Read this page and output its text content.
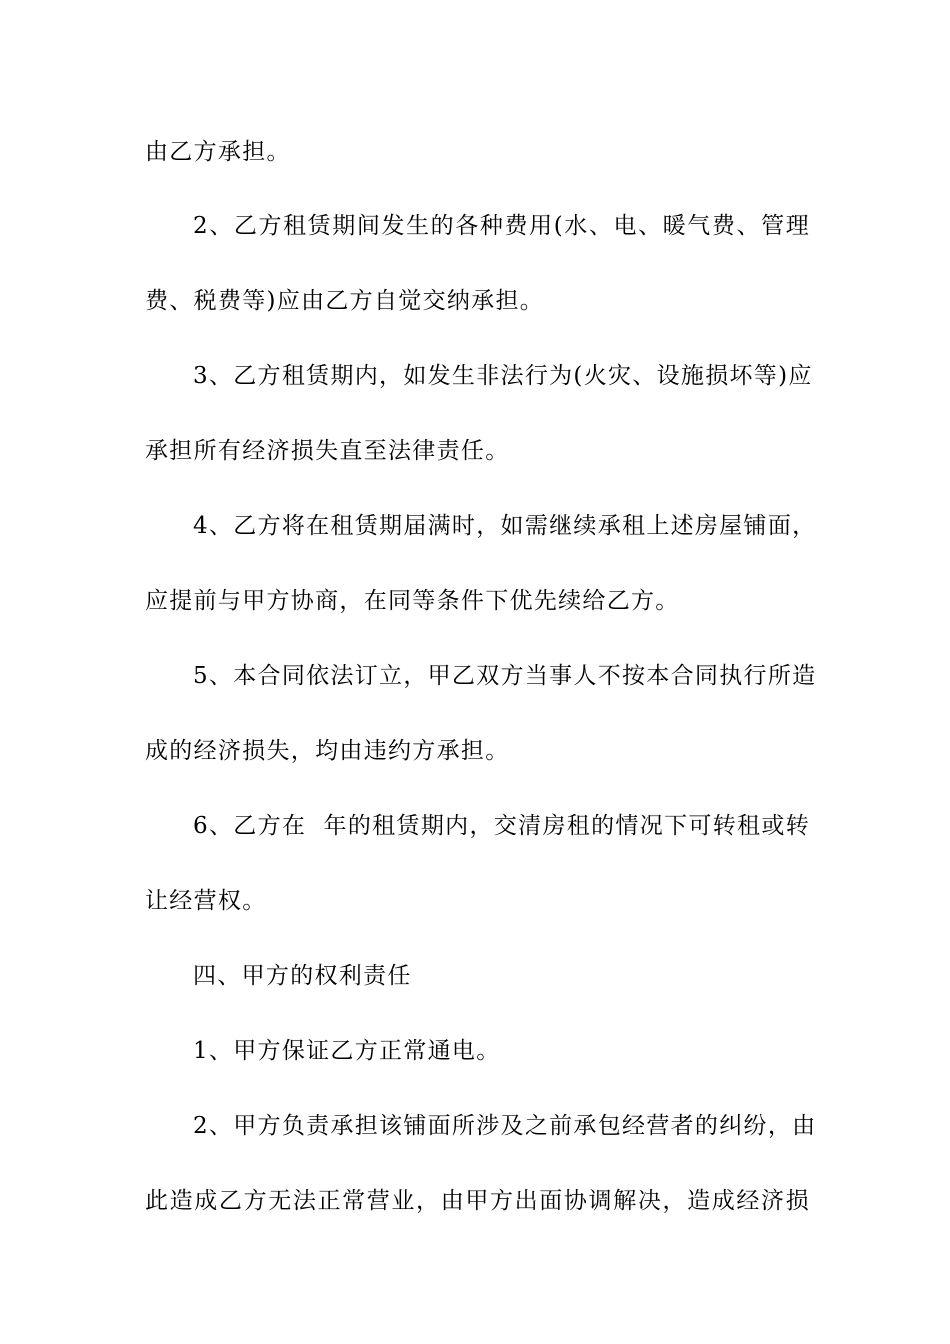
由乙方承担。
2、乙方租赁期间发生的各种费用(水、电、暖气费、管理
费、税费等)应由乙方自觉交纳承担。
3、乙方租赁期内，如发生非法行为(火灾、设施损坏等)应
承担所有经济损失直至法律责任。
4、乙方将在租赁期届满时，如需继续承租上述房屋铺面，
应提前与甲方协商，在同等条件下优先续给乙方。
5、本合同依法订立，甲乙双方当事人不按本合同执行所造
成的经济损失，均由违约方承担。
6、乙方在  年的租赁期内，交清房租的情况下可转租或转
让经营权。
四、甲方的权利责任
1、甲方保证乙方正常通电。
2、甲方负责承担该铺面所涉及之前承包经营者的纠纷，由
此造成乙方无法正常营业，由甲方出面协调解决，造成经济损
